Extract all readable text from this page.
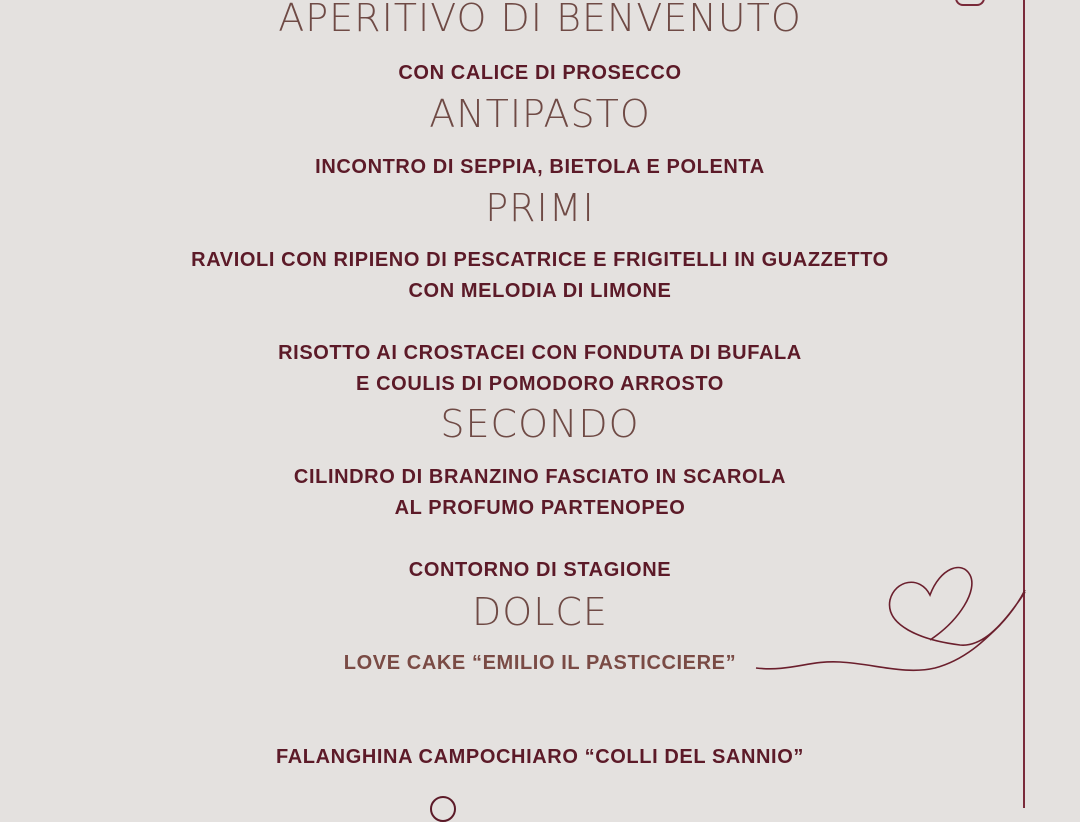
APERITIVO DI BENVENUTO
CON CALICE DI PROSECCO
ANTIPASTO
INCONTRO DI SEPPIA, BIETOLA E POLENTA
PRIMI
RAVIOLI CON RIPIENO DI PESCATRICE E FRIGITELLI IN GUAZZETTO
CON MELODIA DI LIMONE
RISOTTO AI CROSTACEI CON FONDUTA DI BUFALA
E COULIS DI POMODORO ARROSTO
SECONDO
CILINDRO DI BRANZINO FASCIATO IN SCAROLA
AL PROFUMO PARTENOPEO
CONTORNO DI STAGIONE
DOLCE
LOVE CAKE “EMILIO IL PASTICCIERE”
FALANGHINA CAMPOCHIARO “COLLI DEL SANNIO”
